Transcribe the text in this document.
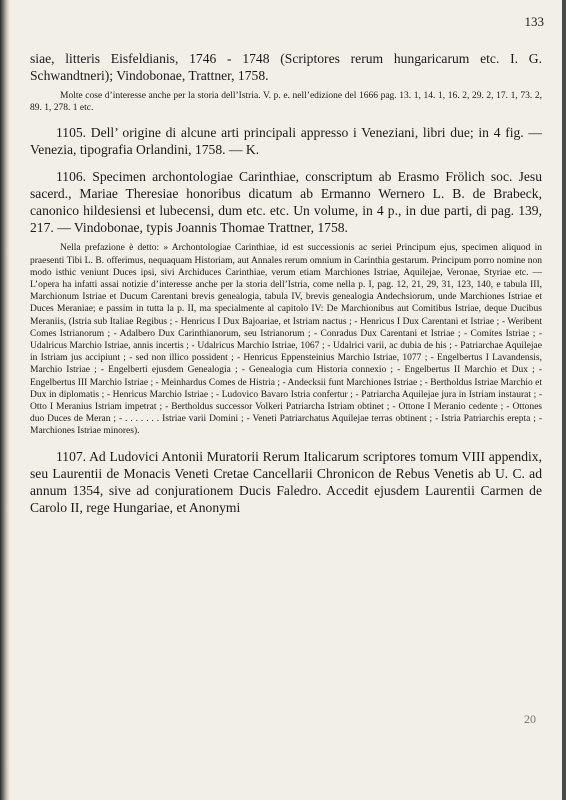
133

siae, litteris Eisfeldianis, 1746 - 1748 (Scriptores rerum hungaricarum etc. I. G. Schwandtneri); Vindobonae, Trattner, 1758.

Molte cose d’interesse anche per la storia dell’Istria. V. p. e. nell’edizione del 1666 pag. 13. 1, 14. 1, 16. 2, 29. 2, 17. 1, 73. 2, 89. 1, 278. 1 etc.

1105. Dell’ origine di alcune arti principali appresso i Veneziani, libri due; in 4 fig. — Venezia, tipografia Orlandini, 1758. — K.

1106. Specimen archontologiae Carinthiae, conscriptum ab Erasmo Frölich soc. Jesu sacerd., Mariae Theresiae honoribus dicatum ab Ermanno Wernero L. B. de Brabeck, canonico hildesiensi et lubecensi, dum etc. etc. Un volume, in 4 p., in due parti, di pag. 139, 217. — Vindobonae, typis Joannis Thomae Trattner, 1758.

Nella prefazione è detto: » Archontologiae Carinthiae, id est successionis ac seriei Principum ejus, specimen aliquod in praesenti Tibi L. B. offerimus, nequaquam Historiam, aut Annales rerum omnium in Carinthia gestarum. Principum porro nomine non modo isthic veniunt Duces ipsi, sivi Archiduces Carinthiae, verum etiam Marchiones Istriae, Aquilejae, Veronae, Styriae etc. — L’opera ha infatti assai notizie d’interesse anche per la storia dell’Istria, come nella p. I, pag. 12, 21, 29, 31, 123, 140, e tabula III, Marchionum Istriae et Ducum Carentani brevis genealogia, tabula IV, brevis genealogia Andechsiorum, unde Marchiones Istriae et Duces Meraniae; e passim in tutta la p. II, ma specialmente al capitolo IV: De Marchionibus aut Comitibus Istriae, deque Ducibus Meraniis, (Istria sub Italiae Regibus ; - Henricus I Dux Bajoariae, et Istriam nactus ; - Henricus I Dux Carentani et Istriae ; - Weribent Comes Istrianorum ; - Adalbero Dux Carinthianorum, seu Istrianorum ; - Conradus Dux Carentani et Istriae ; - Comites Istriae ; - Udalricus Marchio Istriae, annis incertis ; - Udalricus Marchio Istriae, 1067 ; - Udalrici varii, ac dubia de his ; - Patriarchae Aquilejae in Istriam jus accipiunt ; - sed non illico possident ; - Henricus Eppensteinius Marchio Istriae, 1077 ; - Engelbertus I Lavandensis, Marchio Istriae ; - Engelberti ejusdem Genealogia ; - Genealogia cum Historia connexio ; - Engelbertus II Marchio et Dux ; - Engelbertus III Marchio Istriae ; - Meinhardus Comes de Histria ; - Andecksii funt Marchiones Istriae ; - Bertholdus Istriae Marchio et Dux in diplomatis ; - Henricus Marchio Istriae ; - Ludovico Bavaro Istria confertur ; - Patriarcha Aquilejae jura in Istriam instaurat ; - Otto I Meranius Istriam impetrat ; - Bertholdus successor Volkeri Patriarcha Istriam obtinet ; - Ottone I Meranio cedente ; - Ottones duo Duces de Meran ; - . . . . . . . Istriae varii Domini ; - Veneti Patriarchatus Aquilejae terras obtinent ; - Istria Patriarchis erepta ; - Marchiones Istriae minores).

1107. Ad Ludovici Antonii Muratorii Rerum Italicarum scriptores tomum VIII appendix, seu Laurentii de Monacis Veneti Cretae Cancellarii Chronicon de Rebus Venetis ab U. C. ad annum 1354, sive ad conjurationem Ducis Faledro. Accedit ejusdem Laurentii Carmen de Carolo II, rege Hungariae, et Anonymi

20
